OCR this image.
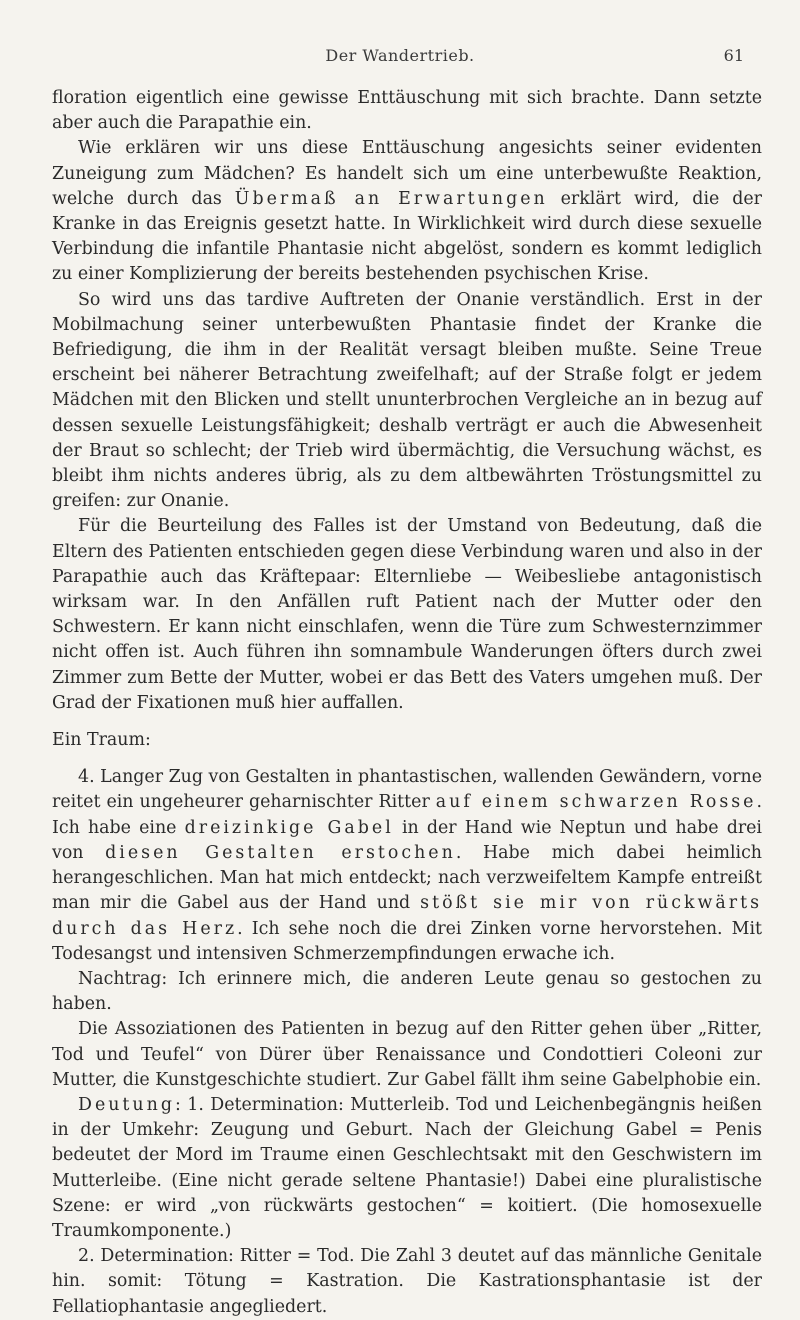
Der Wandertrieb.	61

floration eigentlich eine gewisse Enttäuschung mit sich brachte. Dann setzte aber auch die Parapathie ein.

Wie erklären wir uns diese Enttäuschung angesichts seiner evidenten Zuneigung zum Mädchen? Es handelt sich um eine unterbewußte Reaktion, welche durch das Übermaß an Erwartungen erklärt wird, die der Kranke in das Ereignis gesetzt hatte. In Wirklichkeit wird durch diese sexuelle Verbindung die infantile Phantasie nicht abgelöst, sondern es kommt lediglich zu einer Komplizierung der bereits bestehenden psychischen Krise.

So wird uns das tardive Auftreten der Onanie verständlich. Erst in der Mobilmachung seiner unterbewußten Phantasie findet der Kranke die Befriedigung, die ihm in der Realität versagt bleiben mußte. Seine Treue erscheint bei näherer Betrachtung zweifelhaft; auf der Straße folgt er jedem Mädchen mit den Blicken und stellt ununterbrochen Vergleiche an in bezug auf dessen sexuelle Leistungsfähigkeit; deshalb verträgt er auch die Abwesenheit der Braut so schlecht; der Trieb wird übermächtig, die Versuchung wächst, es bleibt ihm nichts anderes übrig, als zu dem altbewährten Tröstungsmittel zu greifen: zur Onanie.

Für die Beurteilung des Falles ist der Umstand von Bedeutung, daß die Eltern des Patienten entschieden gegen diese Verbindung waren und also in der Parapathie auch das Kräftepaar: Elternliebe — Weibesliebe antagonistisch wirksam war. In den Anfällen ruft Patient nach der Mutter oder den Schwestern. Er kann nicht einschlafen, wenn die Türe zum Schwesternzimmer nicht offen ist. Auch führen ihn somnambule Wanderungen öfters durch zwei Zimmer zum Bette der Mutter, wobei er das Bett des Vaters umgehen muß. Der Grad der Fixationen muß hier auffallen.

Ein Traum:

4. Langer Zug von Gestalten in phantastischen, wallenden Gewändern, vorne reitet ein ungeheurer geharnischter Ritter auf einem schwarzen Rosse. Ich habe eine dreizinkige Gabel in der Hand wie Neptun und habe drei von diesen Gestalten erstochen. Habe mich dabei heimlich herangeschlichen. Man hat mich entdeckt; nach verzweifeltem Kampfe entreißt man mir die Gabel aus der Hand und stößt sie mir von rückwärts durch das Herz. Ich sehe noch die drei Zinken vorne hervorstehen. Mit Todesangst und intensiven Schmerzempfindungen erwache ich.

Nachtrag: Ich erinnere mich, die anderen Leute genau so gestochen zu haben.

Die Assoziationen des Patienten in bezug auf den Ritter gehen über „Ritter, Tod und Teufel“ von Dürer über Renaissance und Condottieri Coleoni zur Mutter, die Kunstgeschichte studiert. Zur Gabel fällt ihm seine Gabelphobie ein.

Deutung: 1. Determination: Mutterleib. Tod und Leichenbegängnis heißen in der Umkehr: Zeugung und Geburt. Nach der Gleichung Gabel = Penis bedeutet der Mord im Traume einen Geschlechtsakt mit den Geschwistern im Mutterleibe. (Eine nicht gerade seltene Phantasie!) Dabei eine pluralistische Szene: er wird „von rückwärts gestochen“ = koitiert. (Die homosexuelle Traumkomponente.)

2. Determination: Ritter = Tod. Die Zahl 3 deutet auf das männliche Genitale hin. somit: Tötung = Kastration. Die Kastrationsphantasie ist der Fellatiophantasie angegliedert.
